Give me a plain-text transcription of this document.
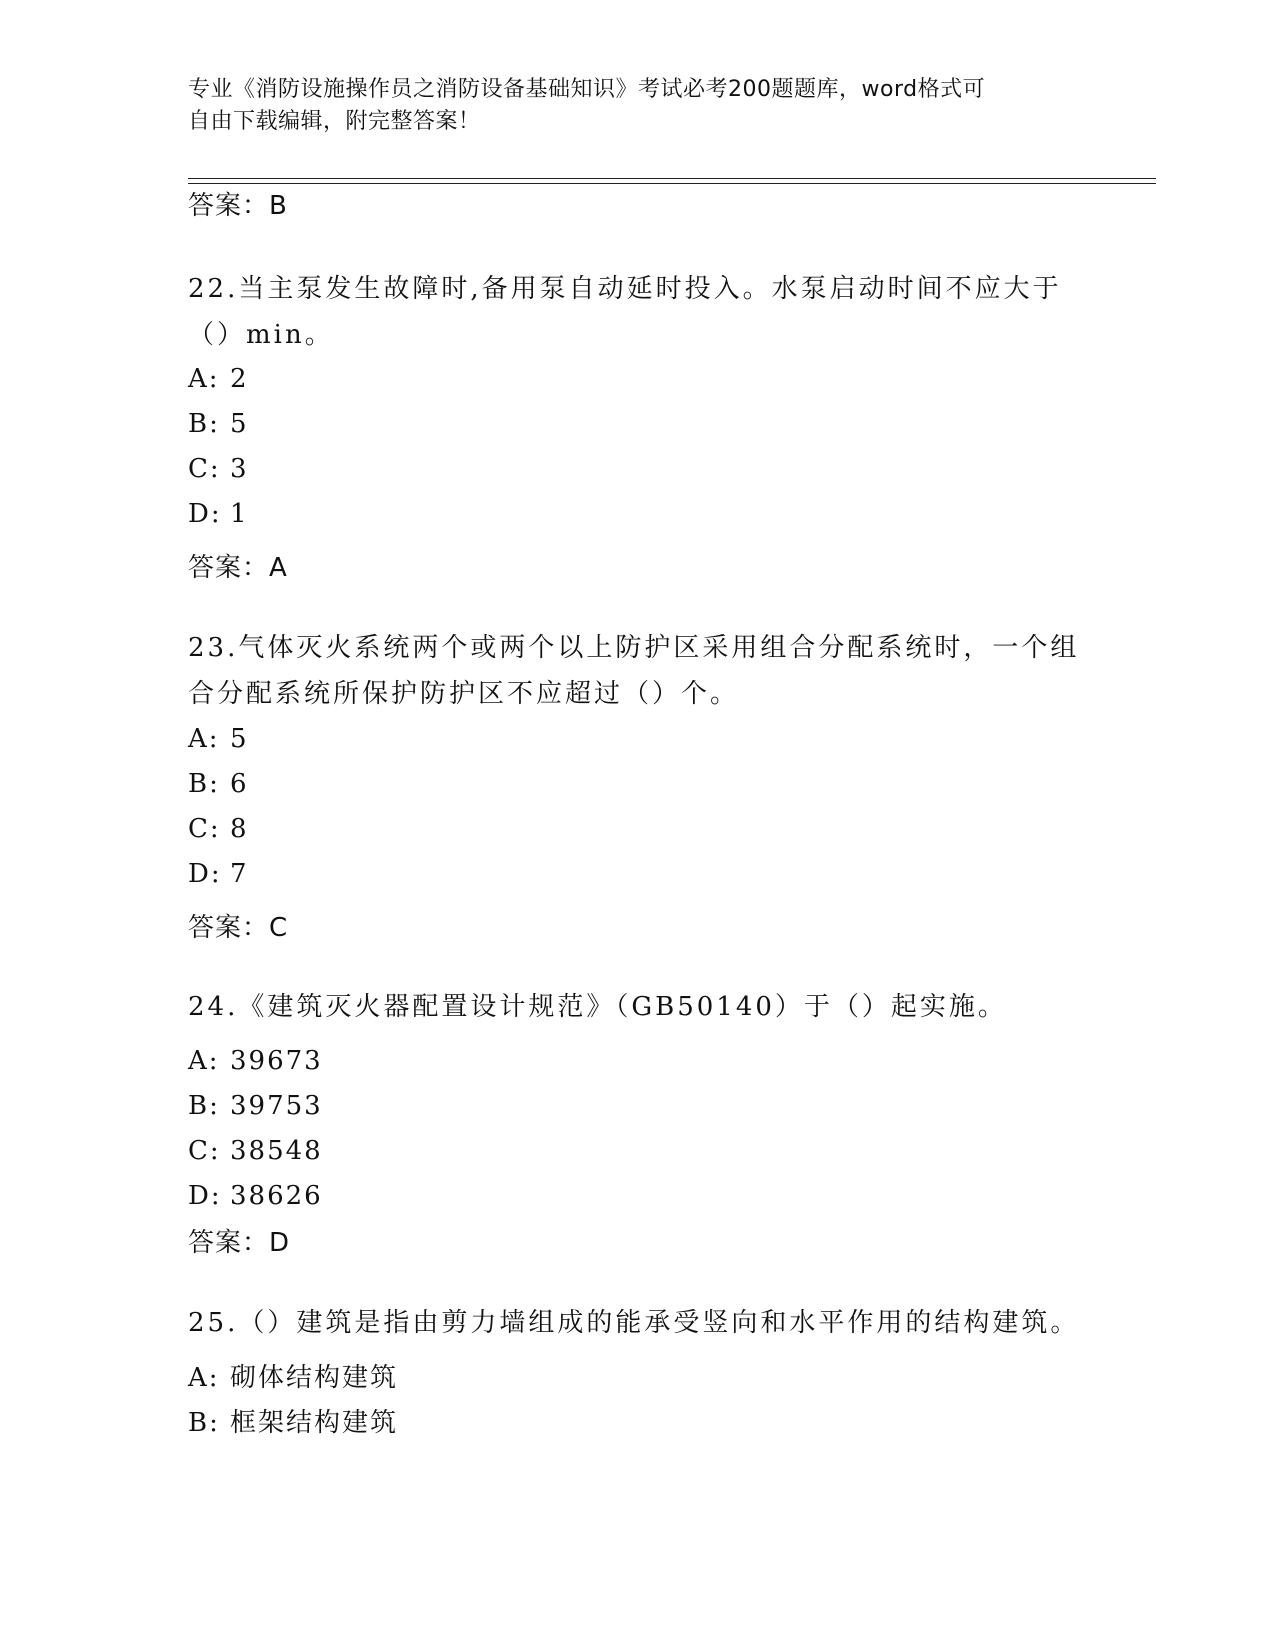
专业《消防设施操作员之消防设备基础知识》考试必考200题题库，word格式可
自由下载编辑，附完整答案！
答案：B
22.当主泵发生故障时,备用泵自动延时投入。水泵启动时间不应大于
（）min。
A: 2
B: 5
C: 3
D: 1
答案：A
23.气体灭火系统两个或两个以上防护区采用组合分配系统时，一个组
合分配系统所保护防护区不应超过（）个。
A: 5
B: 6
C: 8
D: 7
答案：C
24.《建筑灭火器配置设计规范》（GB50140）于（）起实施。
A: 39673
B: 39753
C: 38548
D: 38626
答案：D
25.（）建筑是指由剪力墙组成的能承受竖向和水平作用的结构建筑。
A: 砌体结构建筑
B: 框架结构建筑
